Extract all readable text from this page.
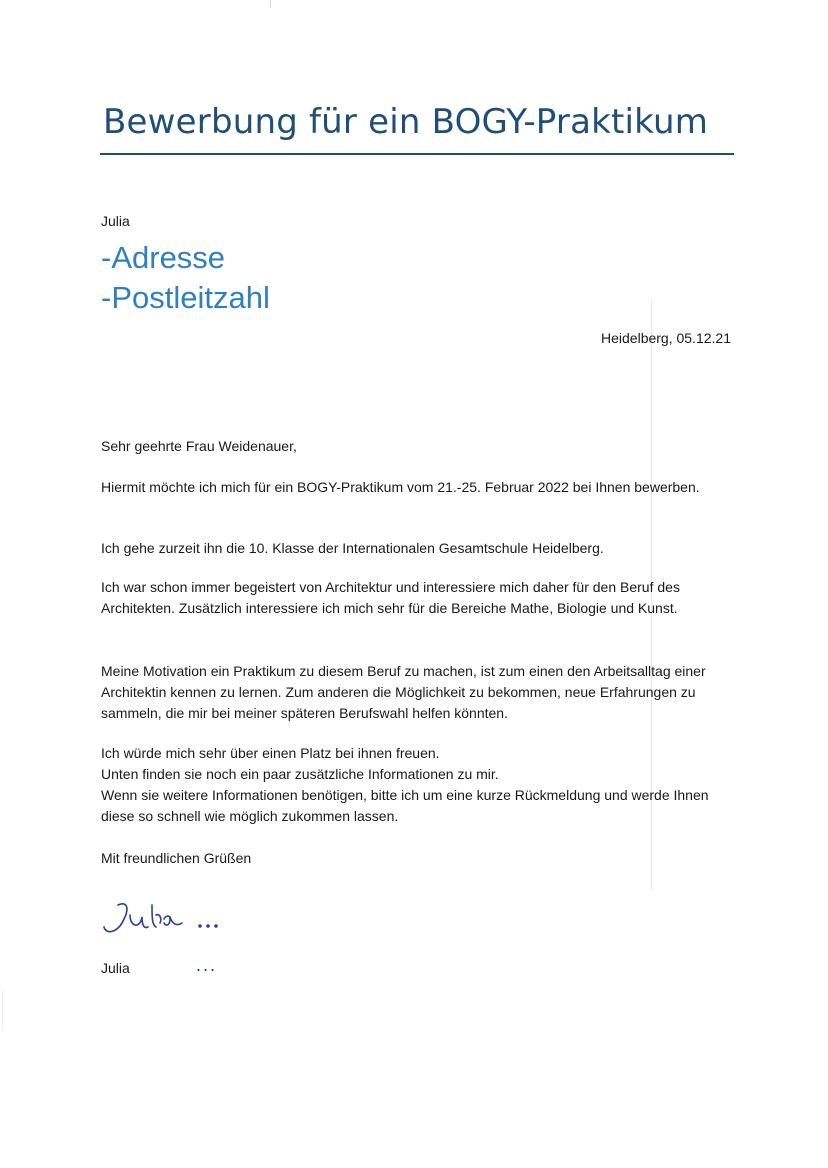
Bewerbung für ein BOGY-Praktikum
Julia
-Adresse
-Postleitzahl
Heidelberg, 05.12.21
Sehr geehrte Frau Weidenauer,
Hiermit möchte ich mich für ein BOGY-Praktikum vom 21.-25. Februar 2022 bei Ihnen bewerben.
Ich gehe zurzeit ihn die 10. Klasse der Internationalen Gesamtschule Heidelberg.
Ich war schon immer begeistert von Architektur und interessiere mich daher für den Beruf des Architekten. Zusätzlich interessiere ich mich sehr für die Bereiche Mathe, Biologie und Kunst.
Meine Motivation ein Praktikum zu diesem Beruf zu machen, ist zum einen den Arbeitsalltag einer Architektin kennen zu lernen. Zum anderen die Möglichkeit zu bekommen, neue Erfahrungen zu sammeln, die mir bei meiner späteren Berufswahl helfen könnten.
Ich würde mich sehr über einen Platz bei ihnen freuen.
Unten finden sie noch ein paar zusätzliche Informationen zu mir.
Wenn sie weitere Informationen benötigen, bitte ich um eine kurze Rückmeldung und werde Ihnen diese so schnell wie möglich zukommen lassen.
Mit freundlichen Grüßen
Julia	...
